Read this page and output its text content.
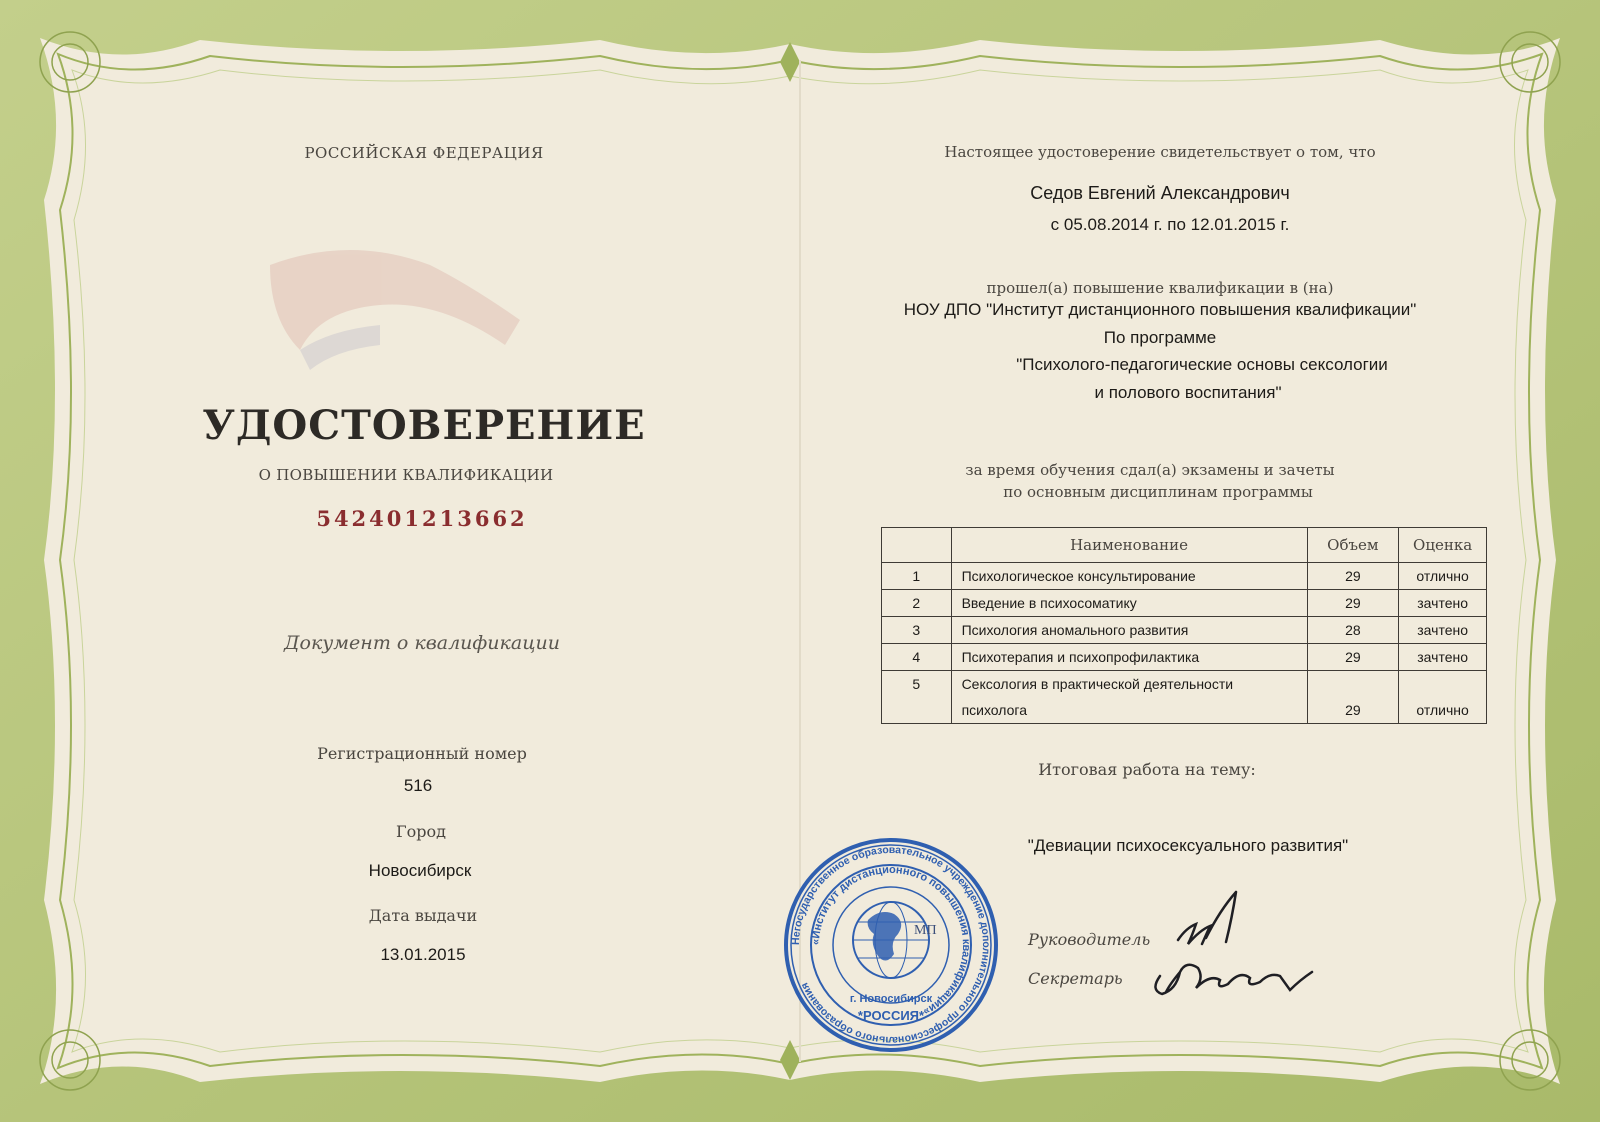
РОССИЙСКАЯ ФЕДЕРАЦИЯ
УДОСТОВЕРЕНИЕ
О ПОВЫШЕНИИ КВАЛИФИКАЦИИ
542401213662
Документ о квалификации
Регистрационный номер
516
Город
Новосибирск
Дата выдачи
13.01.2015
Настоящее удостоверение свидетельствует о том, что
Седов Евгений Александрович
с 05.08.2014 г. по 12.01.2015 г.
прошел(а) повышение квалификации в (на)
НОУ ДПО "Институт дистанционного повышения квалификации"
По программе
"Психолого-педагогические основы сексологии
и полового воспитания"
за время обучения сдал(а) экзамены и зачеты
по основным дисциплинам программы
	Наименование	Объем	Оценка
1	Психологическое консультирование	29	отлично
2	Введение в психосоматику	29	зачтено
3	Психология аномального развития	28	зачтено
4	Психотерапия и психопрофилактика	29	зачтено
5	Сексология в практической деятельности		
	психолога	29	отлично
Итоговая работа на тему:
"Девиации психосексуального развития"
Руководитель
Секретарь
Негосударственное образовательное учреждение дополнительного профессионального образования
«Институт дистанционного повышения квалификации»
МП
г. Новосибирск
*РОССИЯ*
